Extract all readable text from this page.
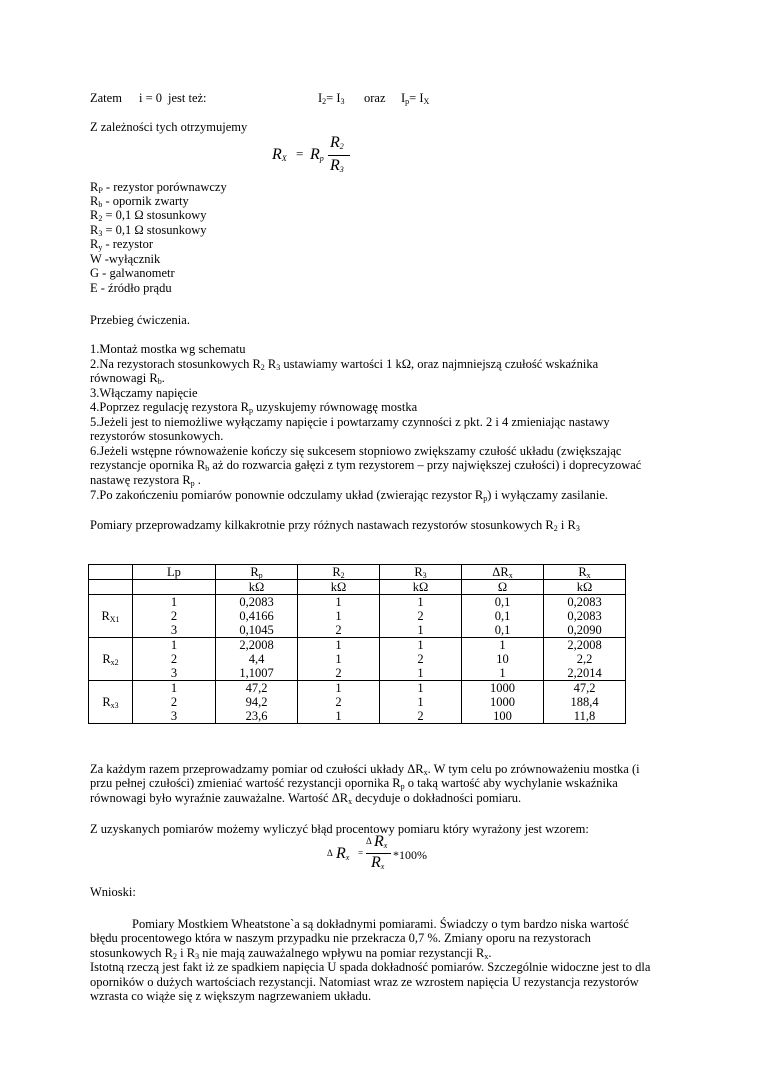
Zatem i = 0 jest też:	$I_2= I_3$ oraz $I_p= I_X$
Z zależności tych otrzymujemy
$R_X = R_p$
$R_2$
$R_3$
$R_P$ - rezystor porównawczy
$R_b$ - opornik zwarty
$R_2 = 0,1$ Ω stosunkowy
$R_3 = 0,1$ Ω stosunkowy
$R_y$ - rezystor
W -wyłącznik
G - galwanometr
E - źródło prądu
Przebieg ćwiczenia.
1.Montaż mostka wg schematu
2.Na rezystorach stosunkowych $R_2$ $R_3$ ustawiamy wartości 1 kΩ, oraz najmniejszą czułość wskaźnika
równowagi $R_b$.
3.Włączamy napięcie
4.Poprzez regulację rezystora $R_p$ uzyskujemy równowagę mostka
5.Jeżeli jest to niemożliwe wyłączamy napięcie i powtarzamy czynności z pkt. 2 i 4 zmieniając nastawy
rezystorów stosunkowych.
6.Jeżeli wstępne równoważenie kończy się sukcesem stopniowo zwiększamy czułość układu (zwiększając
rezystancje opornika $R_b$ aż do rozwarcia gałęzi z tym rezystorem – przy największej czułości) i doprecyzować
nastawę rezystora $R_p$ .
7.Po zakończeniu pomiarów ponownie odczulamy układ (zwierając rezystor $R_p$) i wyłączamy zasilanie.
Pomiary przeprowadzamy kilkakrotnie przy różnych nastawach rezystorów stosunkowych $R_2$ i $R_3$
	Lp	$R_p$	$R_2$	$R_3$	$\Delta R_x$	$R_x$
		kΩ	kΩ	kΩ	Ω	kΩ
$R_{X1}$	1	0,2083	1	1	0,1	0,2083
	2	0,4166	1	2	0,1	0,2083
	3	0,1045	2	1	0,1	0,2090
$R_{x2}$	1	2,2008	1	1	1	2,2008
	2	4,4	1	2	10	2,2
	3	1,1007	2	1	1	2,2014
$R_{x3}$	1	47,2	1	1	1000	47,2
	2	94,2	2	1	1000	188,4
	3	23,6	1	2	100	11,8
Za każdym razem przeprowadzamy pomiar od czułości układy $\Delta R_x$. W tym celu po zrównoważeniu mostka (i
przu pełnej czułości) zmieniać wartość rezystancji opornika $R_p$ o taką wartość aby wychylanie wskaźnika
równowagi było wyraźnie zauważalne. Wartość $\Delta R_x$ decyduje o dokładności pomiaru.
Z uzyskanych pomiarów możemy wyliczyć błąd procentowy pomiaru który wyrażony jest wzorem:
Δ $R_x$ =
Δ $R_x$
$R_x$
*100%
Wnioski:
Pomiary Mostkiem Wheatstone`a są dokładnymi pomiarami. Świadczy o tym bardzo niska wartość
błędu procentowego która w naszym przypadku nie przekracza 0,7 %. Zmiany oporu na rezystorach
stosunkowych $R_2$ i $R_3$ nie mają zauważalnego wpływu na pomiar rezystancji $R_x$.
Istotną rzeczą jest fakt iż ze spadkiem napięcia U spada dokładność pomiarów. Szczególnie widoczne jest to dla
oporników o dużych wartościach rezystancji. Natomiast wraz ze wzrostem napięcia U rezystancja rezystorów
wzrasta co wiąże się z większym nagrzewaniem układu.
